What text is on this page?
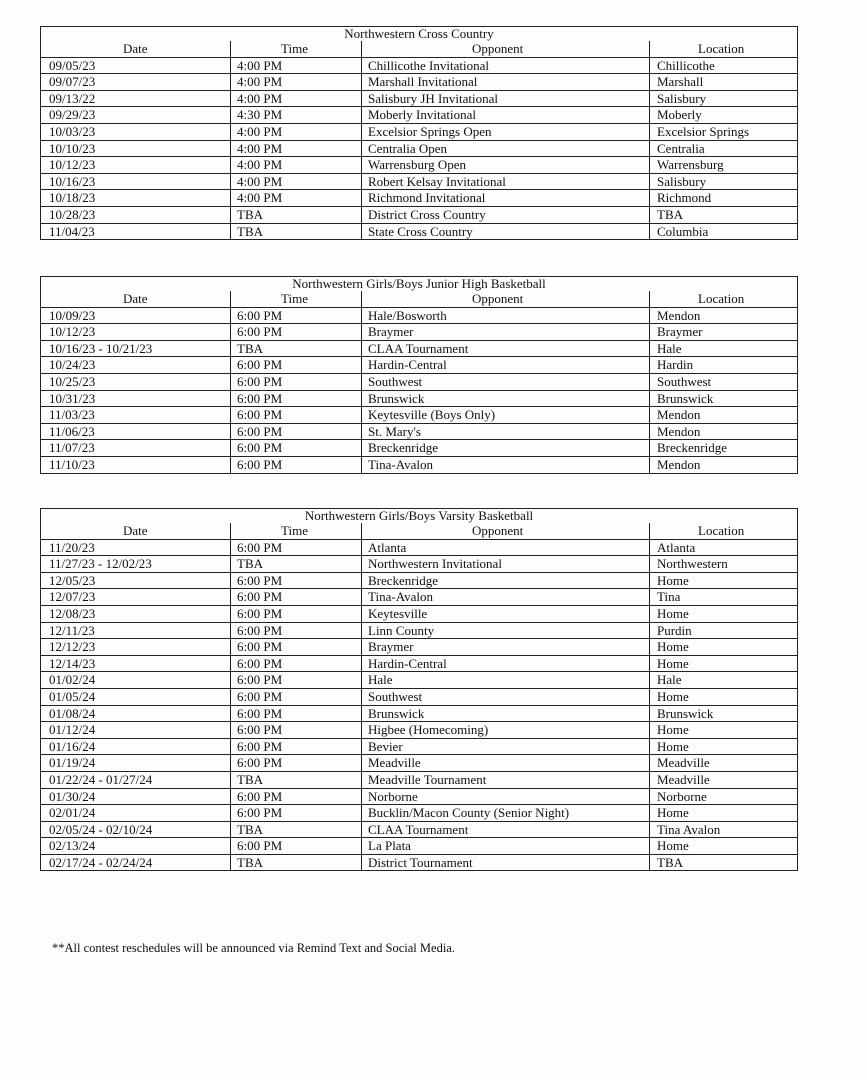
Northwestern Cross Country			
Date	Time	Opponent	Location
09/05/23	4:00 PM	Chillicothe Invitational	Chillicothe
09/07/23	4:00 PM	Marshall Invitational	Marshall
09/13/22	4:00 PM	Salisbury JH Invitational	Salisbury
09/29/23	4:30 PM	Moberly Invitational	Moberly
10/03/23	4:00 PM	Excelsior Springs Open	Excelsior Springs
10/10/23	4:00 PM	Centralia Open	Centralia
10/12/23	4:00 PM	Warrensburg Open	Warrensburg
10/16/23	4:00 PM	Robert Kelsay Invitational	Salisbury
10/18/23	4:00 PM	Richmond Invitational	Richmond
10/28/23	TBA	District Cross Country	TBA
11/04/23	TBA	State Cross Country	Columbia
Northwestern Girls/Boys Junior High Basketball			
Date	Time	Opponent	Location
10/09/23	6:00 PM	Hale/Bosworth	Mendon
10/12/23	6:00 PM	Braymer	Braymer
10/16/23 - 10/21/23	TBA	CLAA Tournament	Hale
10/24/23	6:00 PM	Hardin-Central	Hardin
10/25/23	6:00 PM	Southwest	Southwest
10/31/23	6:00 PM	Brunswick	Brunswick
11/03/23	6:00 PM	Keytesville (Boys Only)	Mendon
11/06/23	6:00 PM	St. Mary's	Mendon
11/07/23	6:00 PM	Breckenridge	Breckenridge
11/10/23	6:00 PM	Tina-Avalon	Mendon
Northwestern Girls/Boys Varsity Basketball			
Date	Time	Opponent	Location
11/20/23	6:00 PM	Atlanta	Atlanta
11/27/23 - 12/02/23	TBA	Northwestern Invitational	Northwestern
12/05/23	6:00 PM	Breckenridge	Home
12/07/23	6:00 PM	Tina-Avalon	Tina
12/08/23	6:00 PM	Keytesville	Home
12/11/23	6:00 PM	Linn County	Purdin
12/12/23	6:00 PM	Braymer	Home
12/14/23	6:00 PM	Hardin-Central	Home
01/02/24	6:00 PM	Hale	Hale
01/05/24	6:00 PM	Southwest	Home
01/08/24	6:00 PM	Brunswick	Brunswick
01/12/24	6:00 PM	Higbee (Homecoming)	Home
01/16/24	6:00 PM	Bevier	Home
01/19/24	6:00 PM	Meadville	Meadville
01/22/24 - 01/27/24	TBA	Meadville Tournament	Meadville
01/30/24	6:00 PM	Norborne	Norborne
02/01/24	6:00 PM	Bucklin/Macon County (Senior Night)	Home
02/05/24 - 02/10/24	TBA	CLAA Tournament	Tina Avalon
02/13/24	6:00 PM	La Plata	Home
02/17/24 - 02/24/24	TBA	District Tournament	TBA
**All contest reschedules will be announced via Remind Text and Social Media.
